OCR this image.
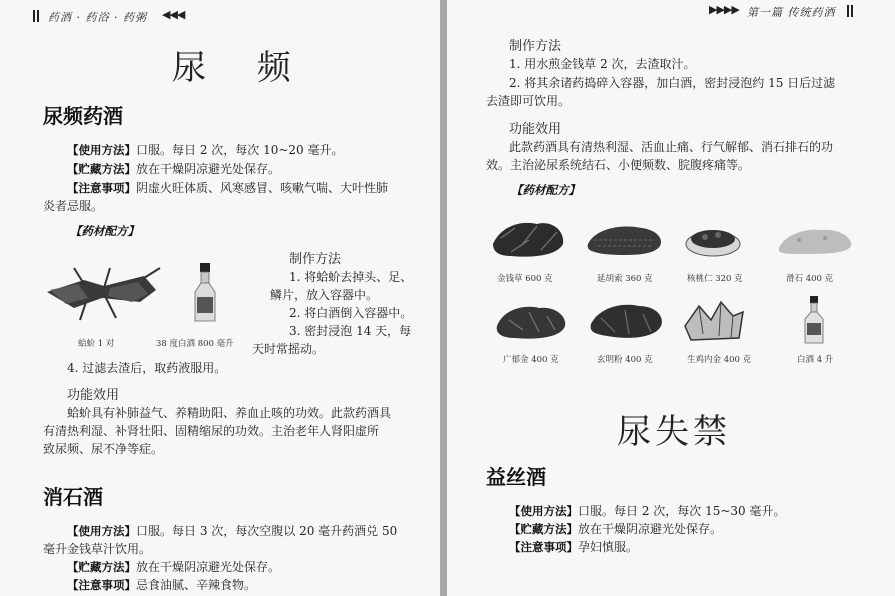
药酒 · 药浴 · 药粥 ◀◀◀
尿 频
尿频药酒
【使用方法】口服。每日 2 次，每次 10~20 毫升。
【贮藏方法】放在干燥阴凉避光处保存。
【注意事项】阴虚火旺体质、风寒感冒、咳嗽气喘、大叶性肺
炎者忌服。
【药材配方】
蛤蚧 1 对	38 度白酒 800 毫升
制作方法
1. 将蛤蚧去掉头、足、
鳞片，放入容器中。
2. 将白酒倒入容器中。
3. 密封浸泡 14 天，每
天时常摇动。
4. 过滤去渣后，取药液服用。
功能效用
蛤蚧具有补肺益气、养精助阳、养血止咳的功效。此款药酒具
有清热利湿、补肾壮阳、固精缩尿的功效。主治老年人肾阳虚所
致尿频、尿不净等症。
消石酒
【使用方法】口服。每日 3 次，每次空腹以 20 毫升药酒兑 50
毫升金钱草汁饮用。
【贮藏方法】放在干燥阴凉避光处保存。
【注意事项】忌食油腻、辛辣食物。
▶▶▶▶ 第一篇 传统药酒
制作方法
1. 用水煎金钱草 2 次，去渣取汁。
2. 将其余诸药捣碎入容器，加白酒，密封浸泡约 15 日后过滤
去渣即可饮用。
功能效用
此款药酒具有清热利湿、活血止痛、行气解郁、消石排石的功
效。主治泌尿系统结石、小便频数、脘腹疼痛等。
【药材配方】
金钱草 600 克	延胡索 360 克	核桃仁 320 克	滑石 400 克
广郁金 400 克	玄明粉 400 克	生鸡内金 400 克	白酒 4 升
尿失禁
益丝酒
【使用方法】口服。每日 2 次，每次 15~30 毫升。
【贮藏方法】放在干燥阴凉避光处保存。
【注意事项】孕妇慎服。
